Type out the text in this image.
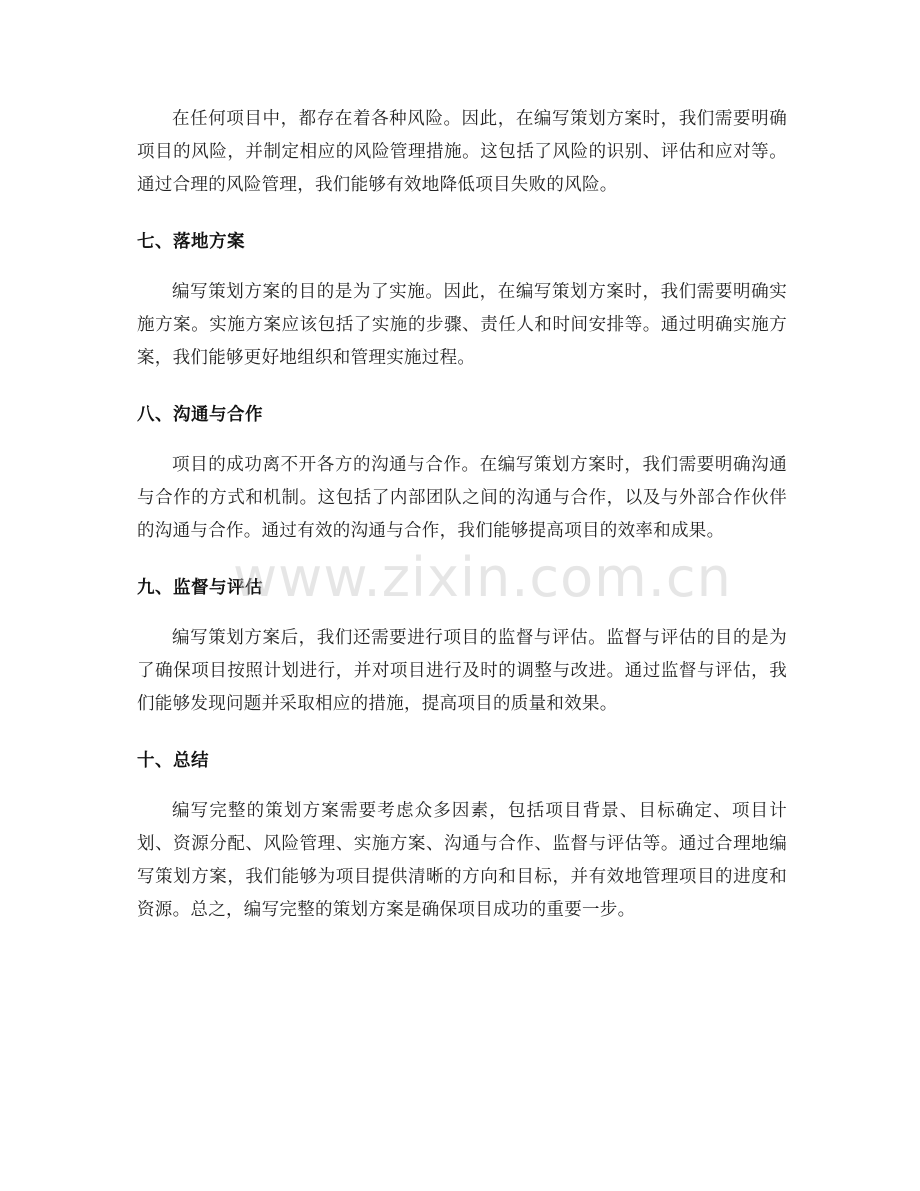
在任何项目中，都存在着各种风险。因此，在编写策划方案时，我们需要明确项目的风险，并制定相应的风险管理措施。这包括了风险的识别、评估和应对等。通过合理的风险管理，我们能够有效地降低项目失败的风险。

七、落地方案

编写策划方案的目的是为了实施。因此，在编写策划方案时，我们需要明确实施方案。实施方案应该包括了实施的步骤、责任人和时间安排等。通过明确实施方案，我们能够更好地组织和管理实施过程。

八、沟通与合作

项目的成功离不开各方的沟通与合作。在编写策划方案时，我们需要明确沟通与合作的方式和机制。这包括了内部团队之间的沟通与合作，以及与外部合作伙伴的沟通与合作。通过有效的沟通与合作，我们能够提高项目的效率和成果。

九、监督与评估

编写策划方案后，我们还需要进行项目的监督与评估。监督与评估的目的是为了确保项目按照计划进行，并对项目进行及时的调整与改进。通过监督与评估，我们能够发现问题并采取相应的措施，提高项目的质量和效果。

十、总结

编写完整的策划方案需要考虑众多因素，包括项目背景、目标确定、项目计划、资源分配、风险管理、实施方案、沟通与合作、监督与评估等。通过合理地编写策划方案，我们能够为项目提供清晰的方向和目标，并有效地管理项目的进度和资源。总之，编写完整的策划方案是确保项目成功的重要一步。

www.zixin.com.cn
